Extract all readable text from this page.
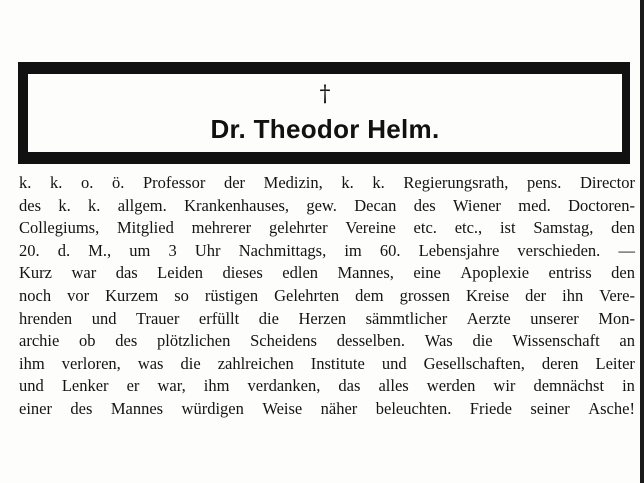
†
Dr. Theodor Helm.
k. k. o. ö. Professor der Medizin, k. k. Regierungsrath, pens. Director
des k. k. allgem. Krankenhauses, gew. Decan des Wiener med. Doctoren-
Collegiums, Mitglied mehrerer gelehrter Vereine etc. etc., ist Samstag, den
20. d. M., um 3 Uhr Nachmittags, im 60. Lebensjahre verschieden. —
Kurz war das Leiden dieses edlen Mannes, eine Apoplexie entriss den
noch vor Kurzem so rüstigen Gelehrten dem grossen Kreise der ihn Vere-
hrenden und Trauer erfüllt die Herzen sämmtlicher Aerzte unserer Mon-
archie ob des plötzlichen Scheidens desselben. Was die Wissenschaft an
ihm verloren, was die zahlreichen Institute und Gesellschaften, deren Leiter
und Lenker er war, ihm verdanken, das alles werden wir demnächst in
einer des Mannes würdigen Weise näher beleuchten. Friede seiner Asche!
